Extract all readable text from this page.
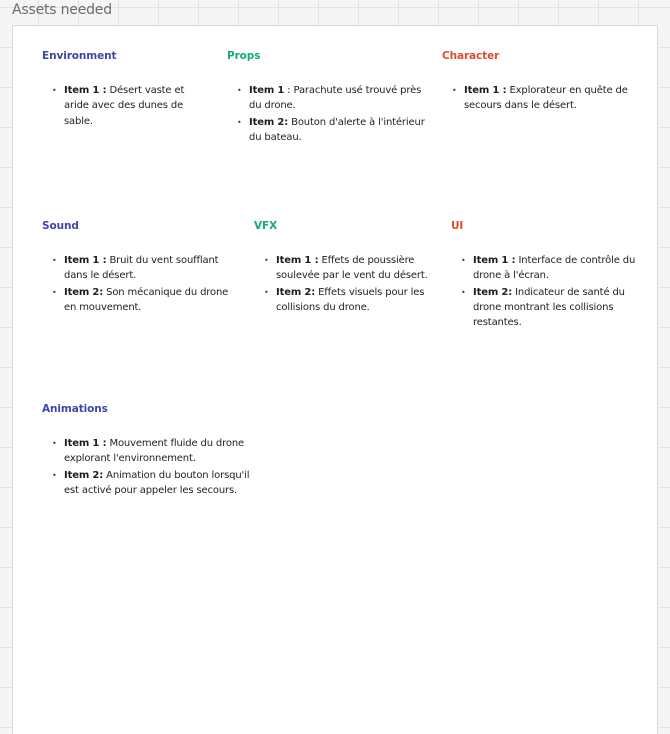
Assets needed
Environment
• Item 1 : Désert vaste et aride avec des dunes de sable.
Props
• Item 1 : Parachute usé trouvé près du drone.
• Item 2: Bouton d'alerte à l'intérieur du bateau.
Character
• Item 1 : Explorateur en quête de secours dans le désert.
Sound
• Item 1 : Bruit du vent soufflant dans le désert.
• Item 2: Son mécanique du drone en mouvement.
VFX
• Item 1 : Effets de poussière soulevée par le vent du désert.
• Item 2: Effets visuels pour les collisions du drone.
UI
• Item 1 : Interface de contrôle du drone à l'écran.
• Item 2: Indicateur de santé du drone montrant les collisions restantes.
Animations
• Item 1 : Mouvement fluide du drone explorant l'environnement.
• Item 2: Animation du bouton lorsqu'il est activé pour appeler les secours.
